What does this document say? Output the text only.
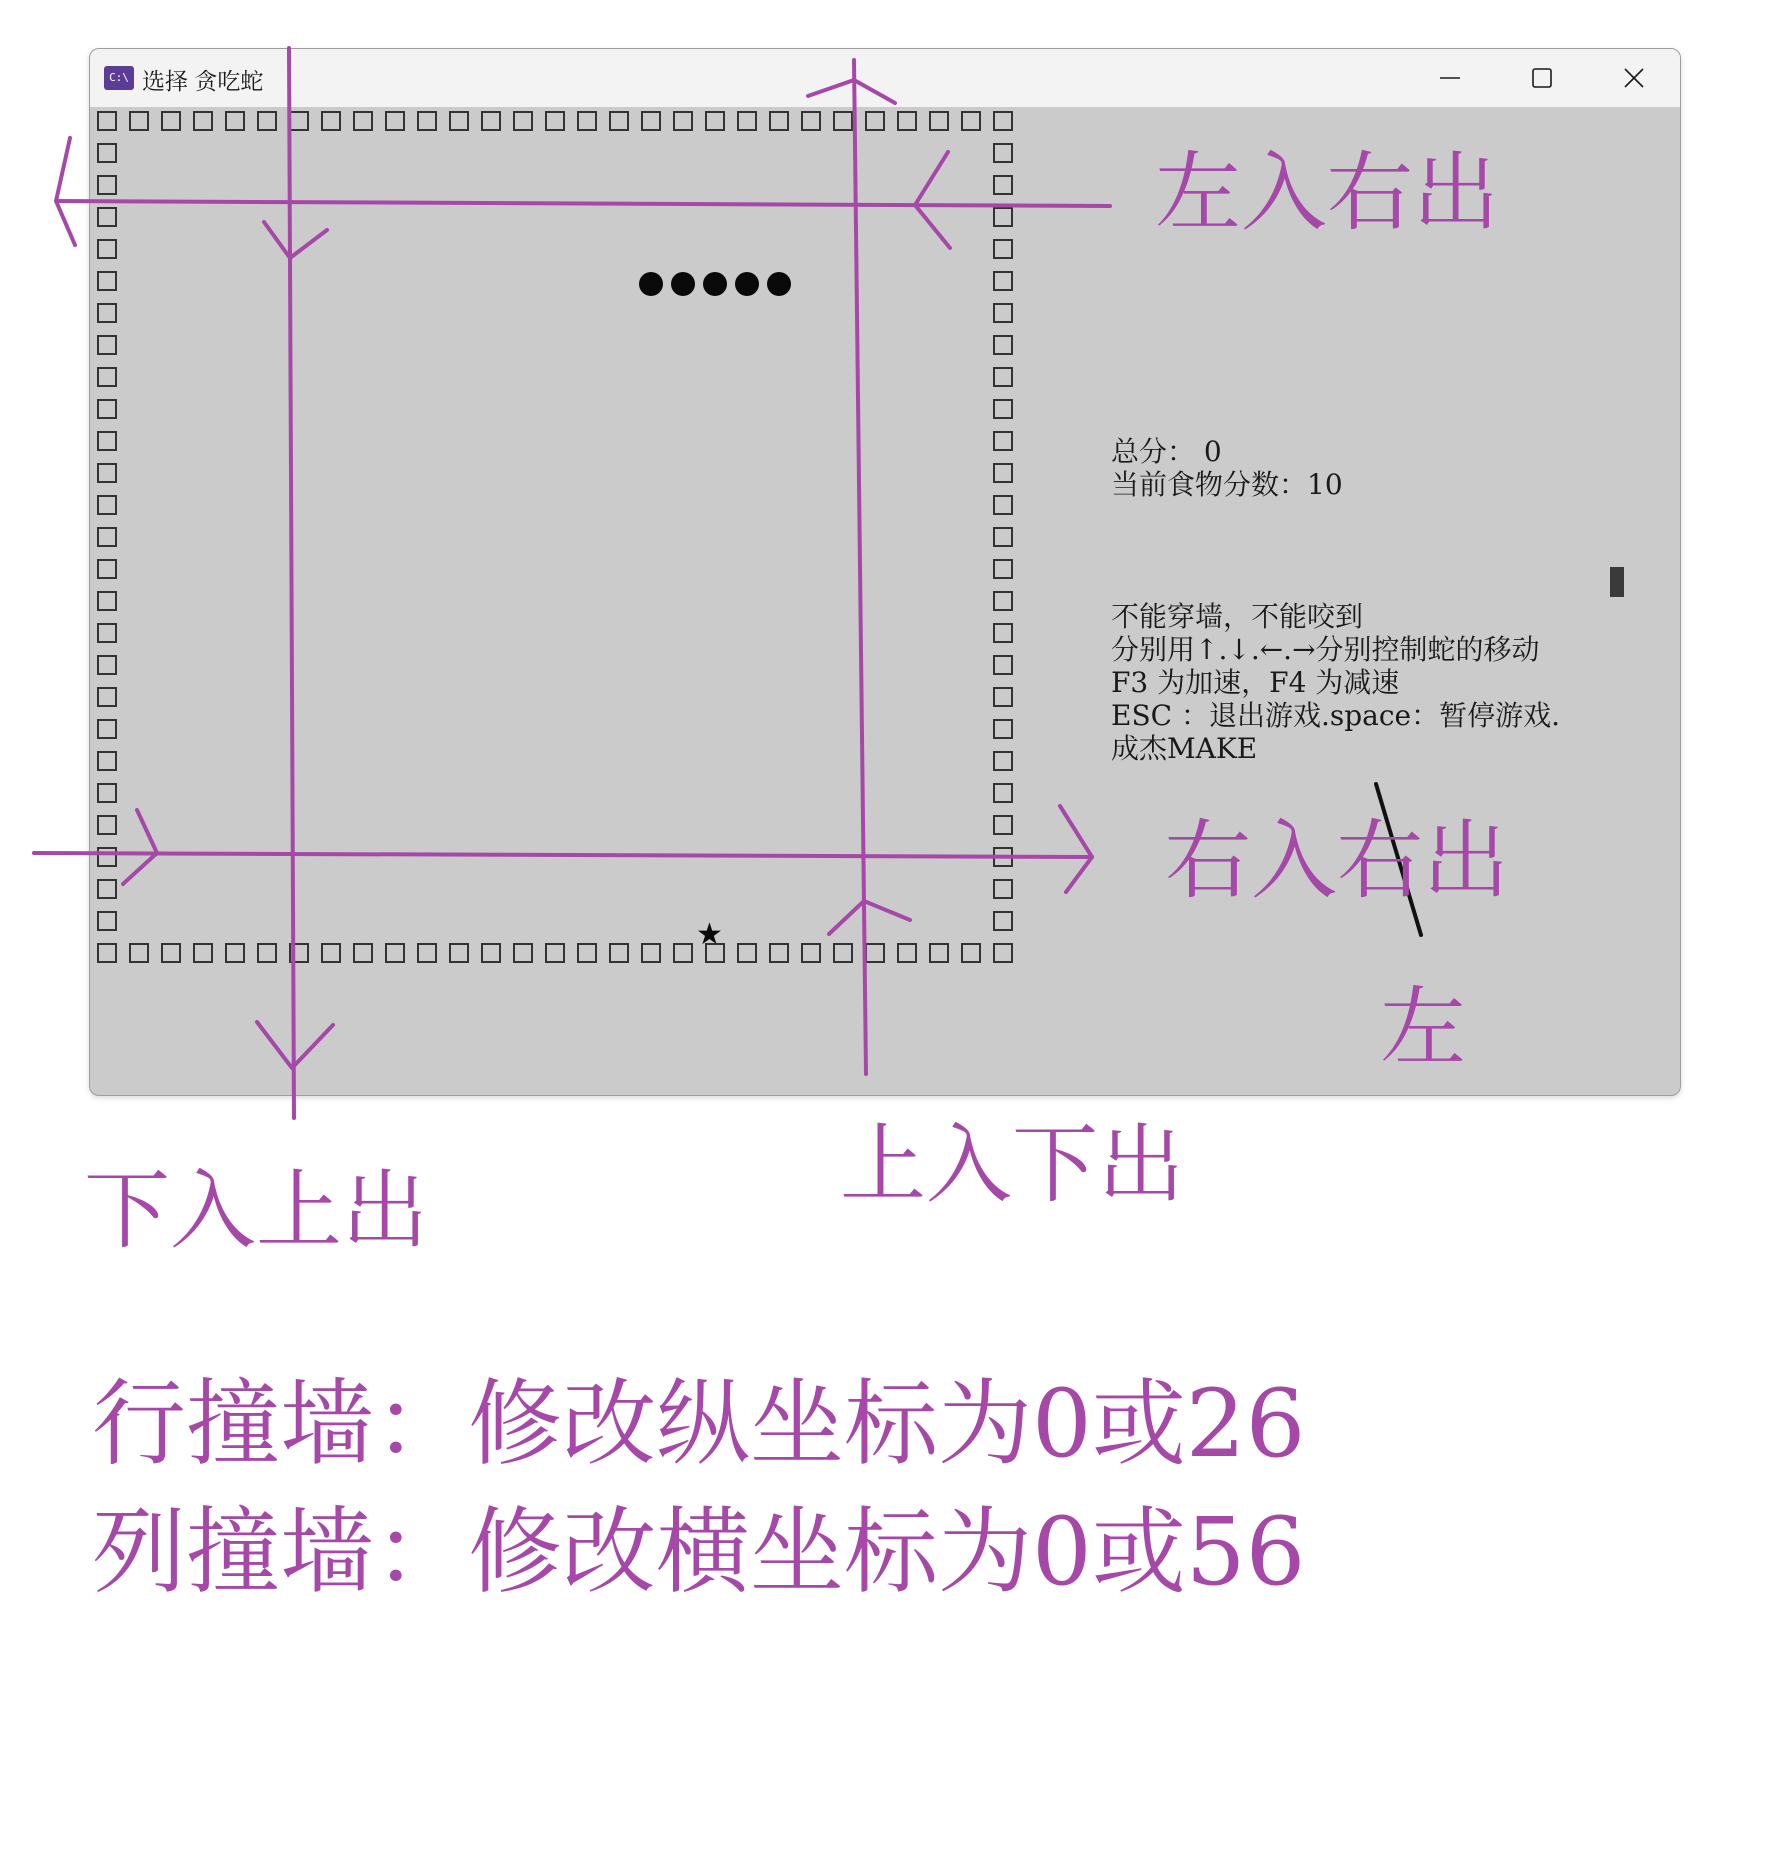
C:\ 选择 贪吃蛇
★
总分： 0
当前食物分数：10
不能穿墙，不能咬到
分别用↑.↓.←.→分别控制蛇的移动
F3 为加速，F4 为减速
ESC ：退出游戏.space：暂停游戏.
成杰MAKE
左入右出
右入右出
左
下入上出	上入下出
行撞墙：修改纵坐标为0或26
列撞墙：修改横坐标为0或56
